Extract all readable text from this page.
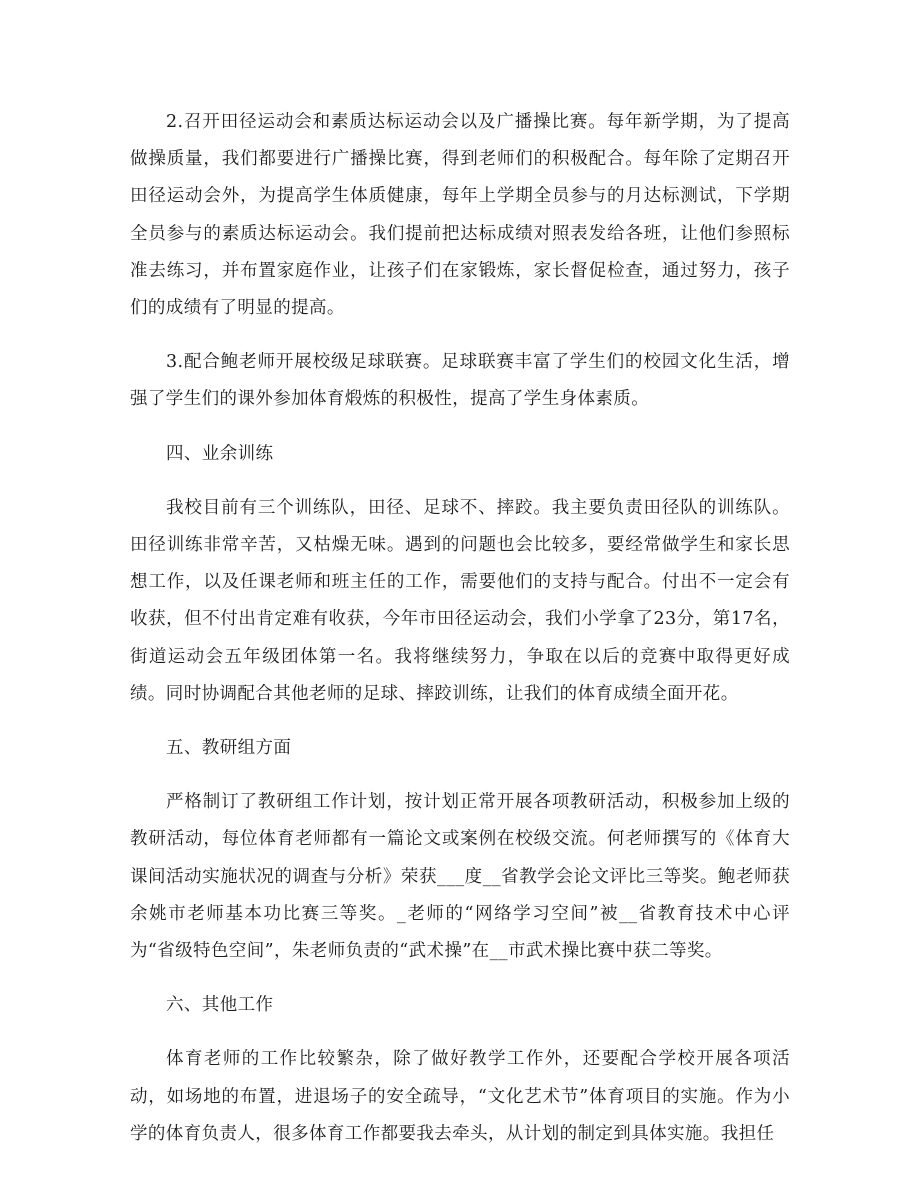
2.召开田径运动会和素质达标运动会以及广播操比赛。每年新学期，为了提高做操质量，我们都要进行广播操比赛，得到老师们的积极配合。每年除了定期召开田径运动会外，为提高学生体质健康，每年上学期全员参与的月达标测试，下学期全员参与的素质达标运动会。我们提前把达标成绩对照表发给各班，让他们参照标准去练习，并布置家庭作业，让孩子们在家锻炼，家长督促检查，通过努力，孩子们的成绩有了明显的提高。

3.配合鲍老师开展校级足球联赛。足球联赛丰富了学生们的校园文化生活，增强了学生们的课外参加体育煅炼的积极性，提高了学生身体素质。

四、业余训练

我校目前有三个训练队，田径、足球不、摔跤。我主要负责田径队的训练队。田径训练非常辛苦，又枯燥无味。遇到的问题也会比较多，要经常做学生和家长思想工作，以及任课老师和班主任的工作，需要他们的支持与配合。付出不一定会有收获，但不付出肯定难有收获，今年市田径运动会，我们小学拿了23分，第17名，街道运动会五年级团体第一名。我将继续努力，争取在以后的竞赛中取得更好成绩。同时协调配合其他老师的足球、摔跤训练，让我们的体育成绩全面开花。

五、教研组方面

严格制订了教研组工作计划，按计划正常开展各项教研活动，积极参加上级的教研活动，每位体育老师都有一篇论文或案例在校级交流。何老师撰写的《体育大课间活动实施状况的调查与分析》荣获___度__省教学会论文评比三等奖。鲍老师获余姚市老师基本功比赛三等奖。_老师的“网络学习空间”被__省教育技术中心评为“省级特色空间”，朱老师负责的“武术操”在__市武术操比赛中获二等奖。

六、其他工作

体育老师的工作比较繁杂，除了做好教学工作外，还要配合学校开展各项活动，如场地的布置，进退场子的安全疏导，“文化艺术节”体育项目的实施。作为小学的体育负责人，很多体育工作都要我去牵头，从计划的制定到具体实施。我担任
